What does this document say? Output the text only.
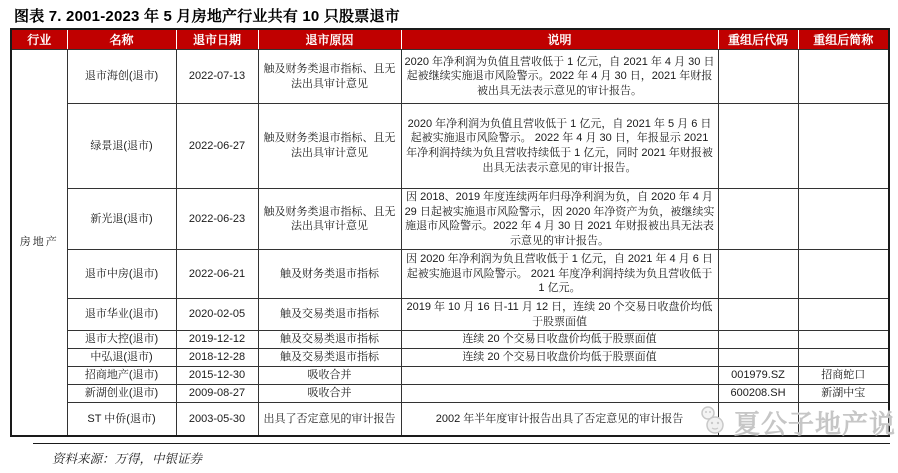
图表 7. 2001-2023 年 5 月房地产行业共有 10 只股票退市
行业	名称	退市日期	退市原因	说明	重组后代码	重组后简称
房地产	退市海创(退市)	2022-07-13	触及财务类退市指标、且无法出具审计意见	2020 年净利润为负值且营收低于 1 亿元，自 2021 年 4 月 30 日起被继续实施退市风险警示。2022 年 4 月 30 日，2021 年财报被出具无法表示意见的审计报告。		
	绿景退(退市)	2022-06-27	触及财务类退市指标、且无法出具审计意见	2020 年净利润为负值且营收低于 1 亿元，自 2021 年 5 月 6 日起被实施退市风险警示。 2022 年 4 月 30 日，年报显示 2021 年净利润持续为负且营收持续低于 1 亿元，同时 2021 年财报被出具无法表示意见的审计报告。		
	新光退(退市)	2022-06-23	触及财务类退市指标、且无法出具审计意见	因 2018、2019 年度连续两年归母净利润为负，自 2020 年 4 月 29 日起被实施退市风险警示，因 2020 年净资产为负，被继续实施退市风险警示。2022 年 4 月 30 日 2021 年财报被出具无法表示意见的审计报告。		
	退市中房(退市)	2022-06-21	触及财务类退市指标	因 2020 年净利润为负且营收低于 1 亿元，自 2021 年 4 月 6 日起被实施退市风险警示。 2021 年度净利润持续为负且营收低于 1 亿元。		
	退市华业(退市)	2020-02-05	触及交易类退市指标	2019 年 10 月 16 日-11 月 12 日，连续 20 个交易日收盘价均低于股票面值		
	退市大控(退市)	2019-12-12	触及交易类退市指标	连续 20 个交易日收盘价均低于股票面值		
	中弘退(退市)	2018-12-28	触及交易类退市指标	连续 20 个交易日收盘价均低于股票面值		
	招商地产(退市)	2015-12-30	吸收合并		001979.SZ	招商蛇口
	新湖创业(退市)	2009-08-27	吸收合并		600208.SH	新湖中宝
	ST 中侨(退市)	2003-05-30	出具了否定意见的审计报告	2002 年半年度审计报告出具了否定意见的审计报告		
资料来源：万得，中银证券
夏公子地产说
